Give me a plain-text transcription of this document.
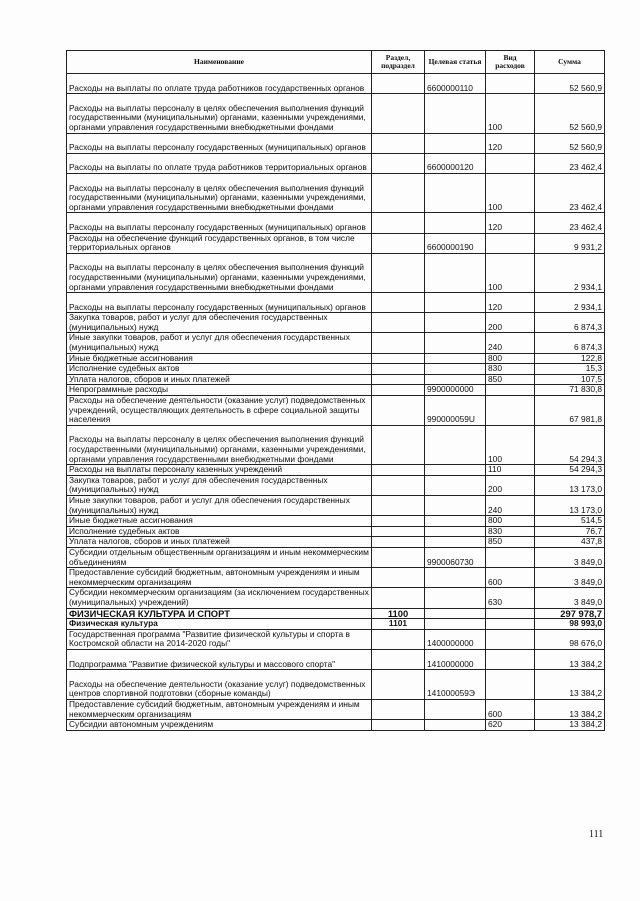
Наименование	Раздел, подраздел	Целевая статья	Вид расходов	Сумма
Расходы на выплаты по оплате труда работников государственных органов		6600000110		52 560,9
Расходы на выплаты персоналу в целях обеспечения выполнения функций государственными (муниципальными) органами, казенными учреждениями, органами управления государственными внебюджетными фондами			100	52 560,9
Расходы на выплаты персоналу государственных (муниципальных) органов			120	52 560,9
Расходы на выплаты по оплате труда работников территориальных органов		6600000120		23 462,4
Расходы на выплаты персоналу в целях обеспечения выполнения функций государственными (муниципальными) органами, казенными учреждениями, органами управления государственными внебюджетными фондами			100	23 462,4
Расходы на выплаты персоналу государственных (муниципальных) органов			120	23 462,4
Расходы на обеспечение функций государственных органов, в том числе территориальных органов		6600000190		9 931,2
Расходы на выплаты персоналу в целях обеспечения выполнения функций государственными (муниципальными) органами, казенными учреждениями, органами управления государственными внебюджетными фондами			100	2 934,1
Расходы на выплаты персоналу государственных (муниципальных) органов			120	2 934,1
Закупка товаров, работ и услуг для обеспечения государственных (муниципальных) нужд			200	6 874,3
Иные закупки товаров, работ и услуг для обеспечения государственных (муниципальных) нужд			240	6 874,3
Иные бюджетные ассигнования			800	122,8
Исполнение судебных актов			830	15,3
Уплата налогов, сборов и иных платежей			850	107,5
Непрограммные расходы		9900000000		71 830,8
Расходы на обеспечение деятельности (оказание услуг) подведомственных учреждений, осуществляющих деятельность в сфере социальной защиты населения		990000059U		67 981,8
Расходы на выплаты персоналу в целях обеспечения выполнения функций государственными (муниципальными) органами, казенными учреждениями, органами управления государственными внебюджетными фондами			100	54 294,3
Расходы на выплаты персоналу казенных учреждений			110	54 294,3
Закупка товаров, работ и услуг для обеспечения государственных (муниципальных) нужд			200	13 173,0
Иные закупки товаров, работ и услуг для обеспечения государственных (муниципальных) нужд			240	13 173,0
Иные бюджетные ассигнования			800	514,5
Исполнение судебных актов			830	76,7
Уплата налогов, сборов и иных платежей			850	437,8
Субсидии отдельным общественным организациям и иным некоммерческим объединениям		9900060730		3 849,0
Предоставление субсидий бюджетным, автономным учреждениям и иным некоммерческим организациям			600	3 849,0
Субсидии некоммерческим организациям (за исключением государственных (муниципальных) учреждений)			630	3 849,0
ФИЗИЧЕСКАЯ КУЛЬТУРА И СПОРТ	1100			297 978,7
Физическая культура	1101			98 993,0
Государственная программа "Развитие физической культуры и спорта в Костромской области на 2014-2020 годы"		1400000000		98 676,0
Подпрограмма "Развитие физической культуры и массового спорта"		1410000000		13 384,2
Расходы на обеспечение деятельности (оказание услуг) подведомственных центров спортивной подготовки (сборные команды)		141000059Э		13 384,2
Предоставление субсидий бюджетным, автономным учреждениям и иным некоммерческим организациям			600	13 384,2
Субсидии автономным учреждениям			620	13 384,2
111
